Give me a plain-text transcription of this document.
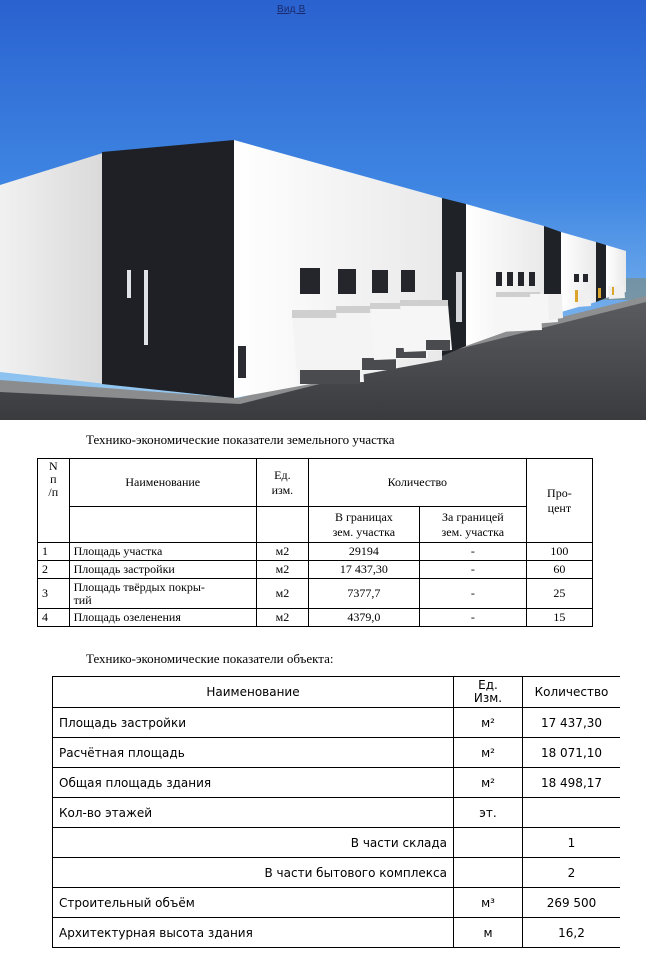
Вид В
Технико-экономические показатели земельного участка
N
п
/п	Наименование	Ед.
изм.	Количество		Про-
цент
			В границах
зем. участка	За границей
зем. участка	
1	Площадь участка	м2	29194	-	100
2	Площадь застройки	м2	17 437,30	-	60
3	Площадь твёрдых покры-
тий	м2	7377,7	-	25
4	Площадь озеленения	м2	4379,0	-	15
Технико-экономические показатели объекта:
Наименование	Ед.
Изм.	Количество
Площадь застройки	м²	17 437,30
Расчётная площадь	м²	18 071,10
Общая площадь здания	м²	18 498,17
Кол-во этажей	эт.	
В части склада		1
В части бытового комплекса		2
Строительный объём	м³	269 500
Архитектурная высота здания	м	16,2
